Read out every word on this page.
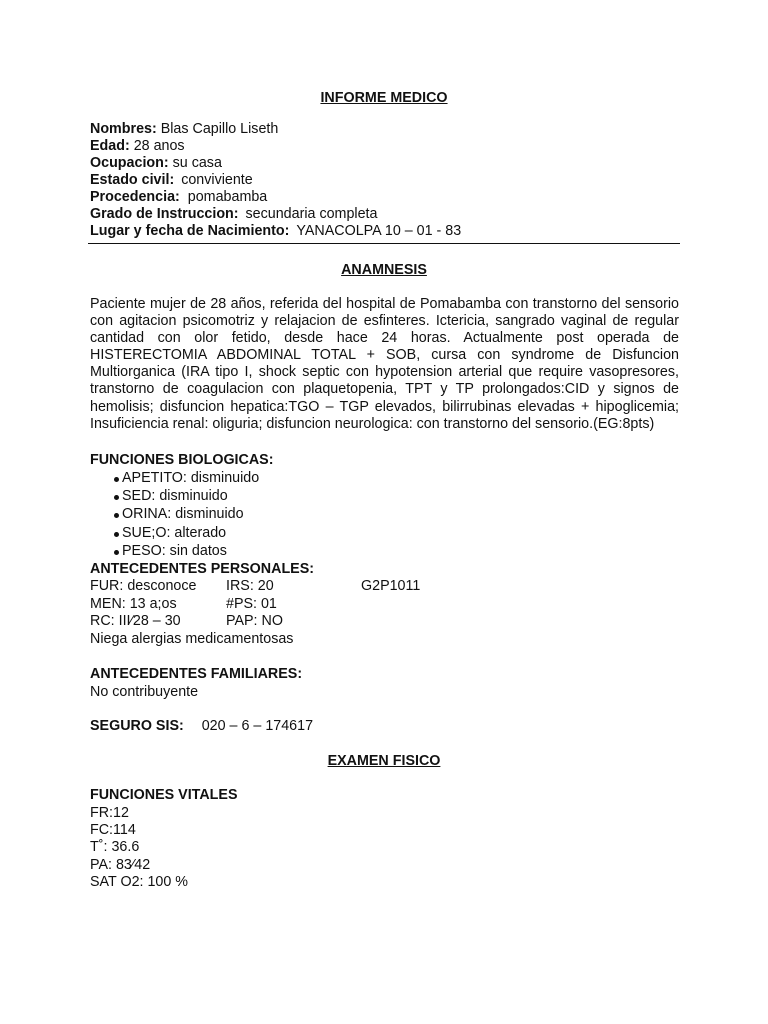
INFORME MEDICO
Nombres: Blas Capillo Liseth
Edad: 28 anos
Ocupacion: su casa
Estado civil: conviviente
Procedencia: pomabamba
Grado de Instruccion: secundaria completa
Lugar y fecha de Nacimiento: YANACOLPA 10 – 01 - 83
ANAMNESIS
Paciente mujer de 28 años, referida del hospital de Pomabamba con transtorno del sensorio con agitacion psicomotriz y relajacion de esfinteres. Ictericia, sangrado vaginal de regular cantidad con olor fetido, desde hace 24 horas. Actualmente post operada de HISTERECTOMIA ABDOMINAL TOTAL + SOB, cursa con syndrome de Disfuncion Multiorganica (IRA tipo I, shock septic con hypotension arterial que require vasopresores, transtorno de coagulacion con plaquetopenia, TPT y TP prolongados:CID y signos de hemolisis; disfuncion hepatica:TGO – TGP elevados, bilirrubinas elevadas + hipoglicemia; Insuficiencia renal: oliguria; disfuncion neurologica: con transtorno del sensorio.(EG:8pts)
FUNCIONES BIOLOGICAS:
APETITO: disminuido
SED: disminuido
ORINA: disminuido
SUE;O: alterado
PESO: sin datos
ANTECEDENTES PERSONALES:
FUR: desconoce IRS: 20	G2P1011
MEN: 13 a;os	#PS: 01
RC: III⁄28 – 30	PAP: NO
Niega alergias medicamentosas
ANTECEDENTES FAMILIARES:
No contribuyente
SEGURO SIS: 020 – 6 – 174617
EXAMEN FISICO
FUNCIONES VITALES
FR:12
FC:114
T˚: 36.6
PA: 83⁄42
SAT O2: 100 %
